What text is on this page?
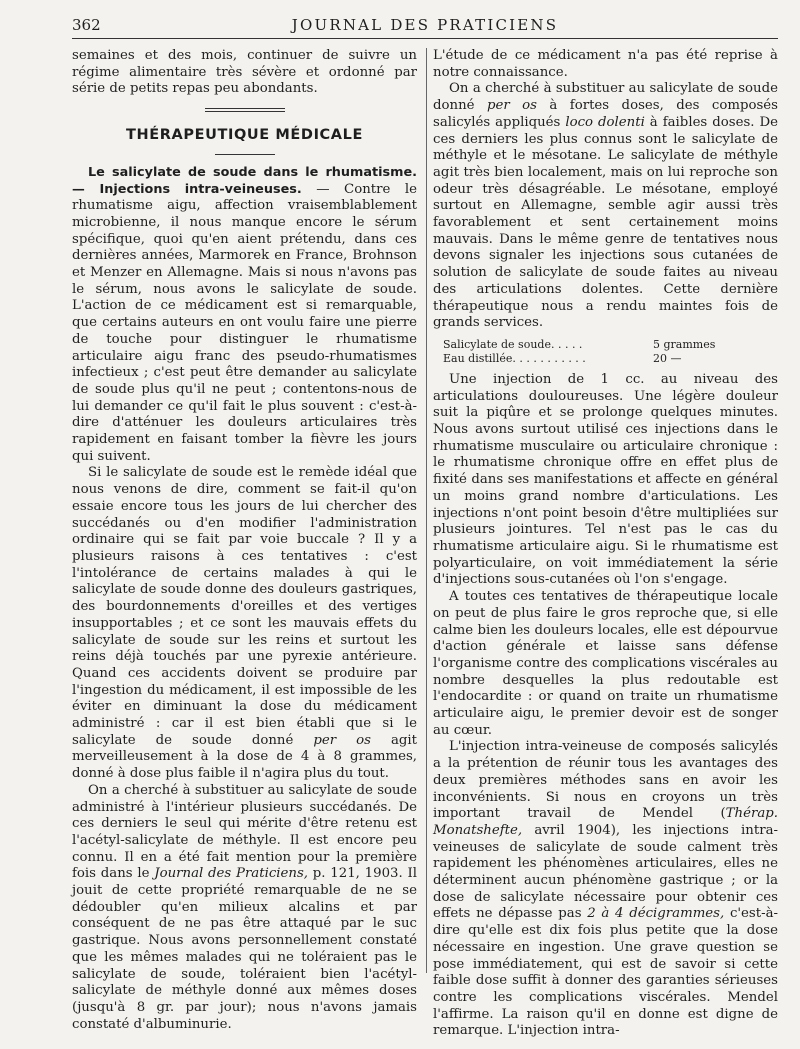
362	JOURNAL DES PRATICIENS

semaines et des mois, continuer de suivre un régime alimentaire très sévère et ordonné par série de petits repas peu abondants.

THÉRAPEUTIQUE MÉDICALE

Le salicylate de soude dans le rhumatisme. — Injections intra-veineuses. — Contre le rhumatisme aigu, affection vraisemblablement microbienne, il nous manque encore le sérum spécifique, quoi qu'en aient prétendu, dans ces dernières années, Marmorek en France, Brohnson et Menzer en Allemagne. Mais si nous n'avons pas le sérum, nous avons le salicylate de soude. L'action de ce médicament est si remarquable, que certains auteurs en ont voulu faire une pierre de touche pour distinguer le rhumatisme articulaire aigu franc des pseudo-rhumatismes infectieux ; c'est peut être demander au salicylate de soude plus qu'il ne peut ; contentons-nous de lui demander ce qu'il fait le plus souvent : c'est-à-dire d'atténuer les douleurs articulaires très rapidement en faisant tomber la fièvre les jours qui suivent.

Si le salicylate de soude est le remède idéal que nous venons de dire, comment se fait-il qu'on essaie encore tous les jours de lui chercher des succédanés ou d'en modifier l'administration ordinaire qui se fait par voie buccale ? Il y a plusieurs raisons à ces tentatives : c'est l'intolérance de certains malades à qui le salicylate de soude donne des douleurs gastriques, des bourdonnements d'oreilles et des vertiges insupportables ; et ce sont les mauvais effets du salicylate de soude sur les reins et surtout les reins déjà touchés par une pyrexie antérieure. Quand ces accidents doivent se produire par l'ingestion du médicament, il est impossible de les éviter en diminuant la dose du médicament administré : car il est bien établi que si le salicylate de soude donné per os agit merveilleusement à la dose de 4 à 8 grammes, donné à dose plus faible il n'agira plus du tout.

On a cherché à substituer au salicylate de soude administré à l'intérieur plusieurs succédanés. De ces derniers le seul qui mérite d'être retenu est l'acétyl-salicylate de méthyle. Il est encore peu connu. Il en a été fait mention pour la première fois dans le Journal des Praticiens, p. 121, 1903. Il jouit de cette propriété remarquable de ne se dédoubler qu'en milieux alcalins et par conséquent de ne pas être attaqué par le suc gastrique. Nous avons personnellement constaté que les mêmes malades qui ne toléraient pas le salicylate de soude, toléraient bien l'acétyl-salicylate de méthyle donné aux mêmes doses (jusqu'à 8 gr. par jour); nous n'avons jamais constaté d'albuminurie.

L'étude de ce médicament n'a pas été reprise à notre connaissance.

On a cherché à substituer au salicylate de soude donné per os à fortes doses, des composés salicylés appliqués loco dolenti à faibles doses. De ces derniers les plus connus sont le salicylate de méthyle et le mésotane. Le salicylate de méthyle agit très bien localement, mais on lui reproche son odeur très désagréable. Le mésotane, employé surtout en Allemagne, semble agir aussi très favorablement et sent certainement moins mauvais. Dans le même genre de tentatives nous devons signaler les injections sous cutanées de solution de salicylate de soude faites au niveau des articulations dolentes. Cette dernière thérapeutique nous a rendu maintes fois de grands services.

Salicylate de soude. . . . .	5 grammes
Eau distillée. . . . . . . . . . .	20 —

Une injection de 1 cc. au niveau des articulations douloureuses. Une légère douleur suit la piqûre et se prolonge quelques minutes. Nous avons surtout utilisé ces injections dans le rhumatisme musculaire ou articulaire chronique : le rhumatisme chronique offre en effet plus de fixité dans ses manifestations et affecte en général un moins grand nombre d'articulations. Les injections n'ont point besoin d'être multipliées sur plusieurs jointures. Tel n'est pas le cas du rhumatisme articulaire aigu. Si le rhumatisme est polyarticulaire, on voit immédiatement la série d'injections sous-cutanées où l'on s'engage.

A toutes ces tentatives de thérapeutique locale on peut de plus faire le gros reproche que, si elle calme bien les douleurs locales, elle est dépourvue d'action générale et laisse sans défense l'organisme contre des complications viscérales au nombre desquelles la plus redoutable est l'endocardite : or quand on traite un rhumatisme articulaire aigu, le premier devoir est de songer au cœur.

L'injection intra-veineuse de composés salicylés a la prétention de réunir tous les avantages des deux premières méthodes sans en avoir les inconvénients. Si nous en croyons un très important travail de Mendel (Thérap. Monatshefte, avril 1904), les injections intra-veineuses de salicylate de soude calment très rapidement les phénomènes articulaires, elles ne déterminent aucun phénomène gastrique ; or la dose de salicylate nécessaire pour obtenir ces effets ne dépasse pas 2 à 4 décigrammes, c'est-à-dire qu'elle est dix fois plus petite que la dose nécessaire en ingestion. Une grave question se pose immédiatement, qui est de savoir si cette faible dose suffit à donner des garanties sérieuses contre les complications viscérales. Mendel l'affirme. La raison qu'il en donne est digne de remarque. L'injection intra-
